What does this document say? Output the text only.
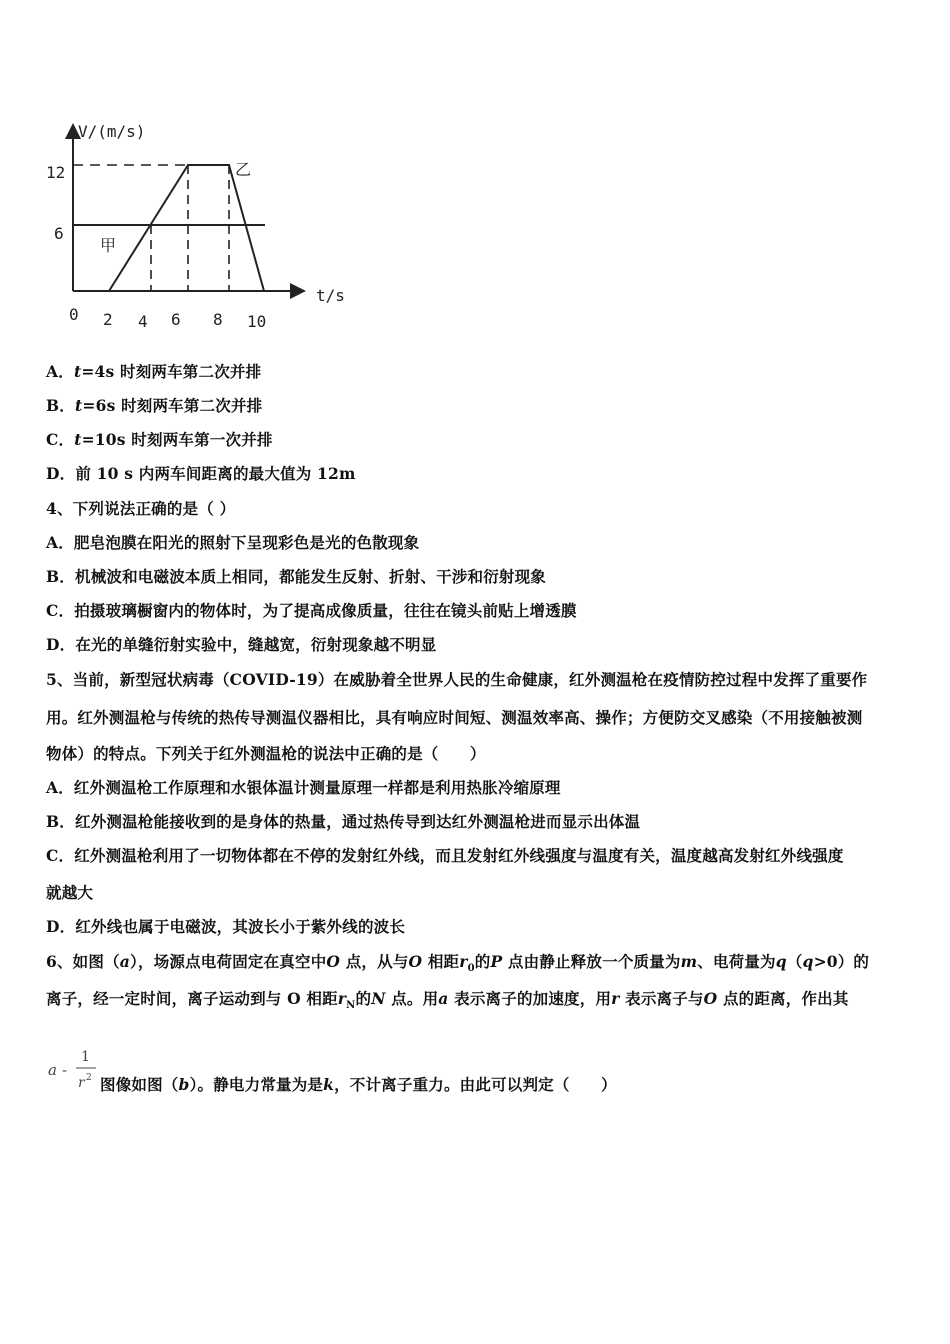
V/(m/s)
t/s
0
12
6
2 4 6 8 10
甲
乙
A．t=4s 时刻两车第二次并排
B．t=6s 时刻两车第二次并排
C．t=10s 时刻两车第一次并排
D．前 10 s 内两车间距离的最大值为 12m
4、下列说法正确的是（ ）
A．肥皂泡膜在阳光的照射下呈现彩色是光的色散现象
B．机械波和电磁波本质上相同，都能发生反射、折射、干涉和衍射现象
C．拍摄玻璃橱窗内的物体时，为了提高成像质量，往往在镜头前贴上增透膜
D．在光的单缝衍射实验中，缝越宽，衍射现象越不明显
5、当前，新型冠状病毒（COVID-19）在威胁着全世界人民的生命健康，红外测温枪在疫情防控过程中发挥了重要作
用。红外测温枪与传统的热传导测温仪器相比，具有响应时间短、测温效率高、操作；方便防交叉感染（不用接触被测
物体）的特点。下列关于红外测温枪的说法中正确的是（　　）
A．红外测温枪工作原理和水银体温计测量原理一样都是利用热胀冷缩原理
B．红外测温枪能接收到的是身体的热量，通过热传导到达红外测温枪进而显示出体温
C．红外测温枪利用了一切物体都在不停的发射红外线，而且发射红外线强度与温度有关，温度越高发射红外线强度
就越大
D．红外线也属于电磁波，其波长小于紫外线的波长
6、如图（a），场源点电荷固定在真空中O 点，从与O 相距$r_0$的P 点由静止释放一个质量为m、电荷量为q（q>0）的
离子，经一定时间，离子运动到与 O 相距$r_N$的N 点。用a 表示离子的加速度，用r 表示离子与O 点的距离，作出其
a -
1
r 2 图像如图（b）。静电力常量为是k，不计离子重力。由此可以判定（　　）
